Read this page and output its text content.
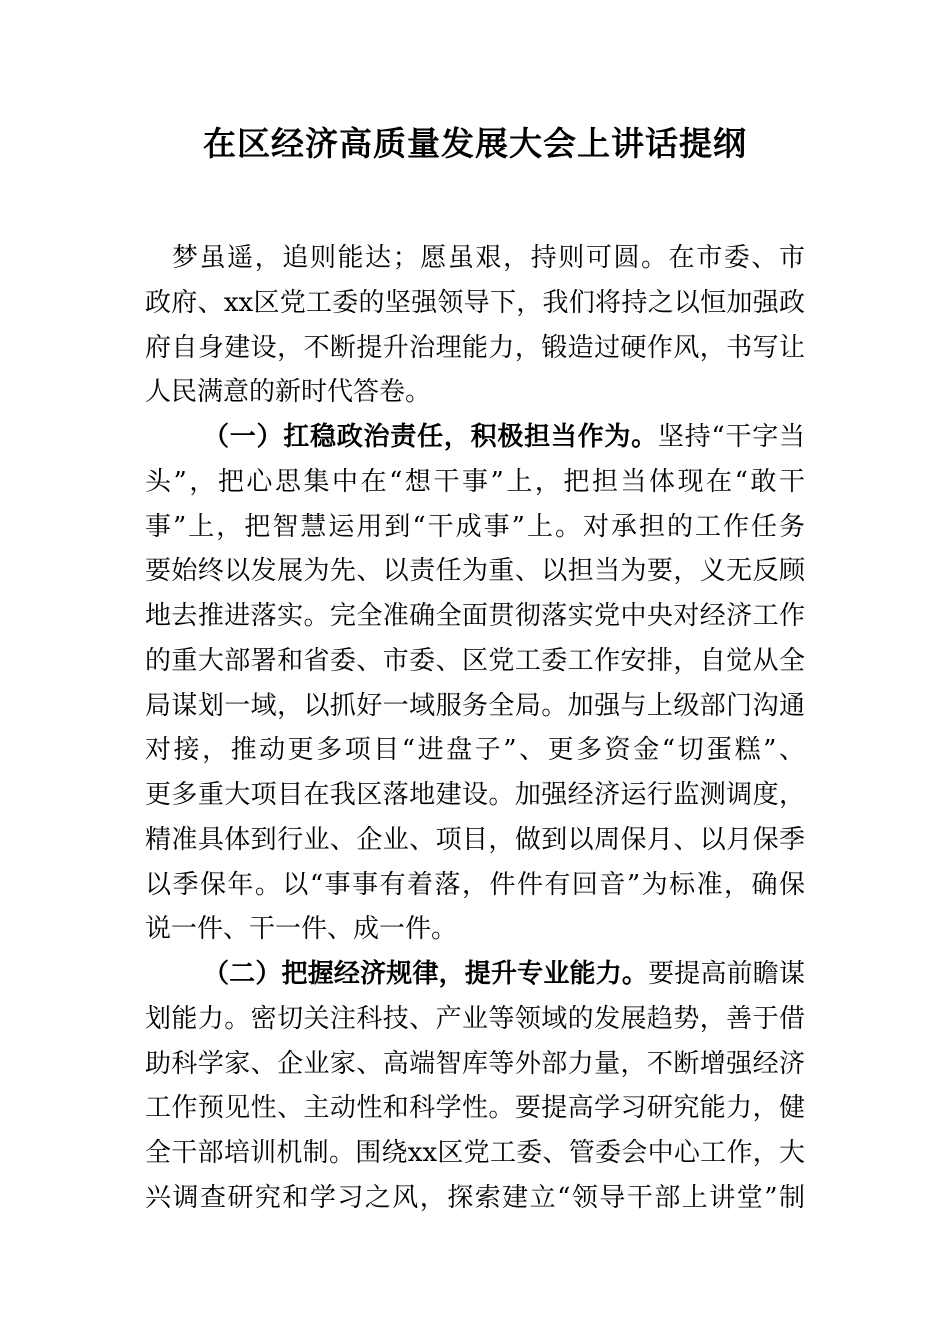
在区经济高质量发展大会上讲话提纲
梦虽遥，追则能达；愿虽艰，持则可圆。在市委、市
政府、xx区党工委的坚强领导下，我们将持之以恒加强政
府自身建设，不断提升治理能力，锻造过硬作风，书写让
人民满意的新时代答卷。
（一）扛稳政治责任，积极担当作为。坚持“干字当
头”，把心思集中在“想干事”上，把担当体现在“敢干
事”上，把智慧运用到“干成事”上。对承担的工作任务
要始终以发展为先、以责任为重、以担当为要，义无反顾
地去推进落实。完全准确全面贯彻落实党中央对经济工作
的重大部署和省委、市委、区党工委工作安排，自觉从全
局谋划一域，以抓好一域服务全局。加强与上级部门沟通
对接，推动更多项目“进盘子”、更多资金“切蛋糕”、
更多重大项目在我区落地建设。加强经济运行监测调度，
精准具体到行业、企业、项目，做到以周保月、以月保季
以季保年。以“事事有着落，件件有回音”为标准，确保
说一件、干一件、成一件。
（二）把握经济规律，提升专业能力。要提高前瞻谋
划能力。密切关注科技、产业等领域的发展趋势，善于借
助科学家、企业家、高端智库等外部力量，不断增强经济
工作预见性、主动性和科学性。要提高学习研究能力，健
全干部培训机制。围绕xx区党工委、管委会中心工作，大
兴调查研究和学习之风，探索建立“领导干部上讲堂”制
